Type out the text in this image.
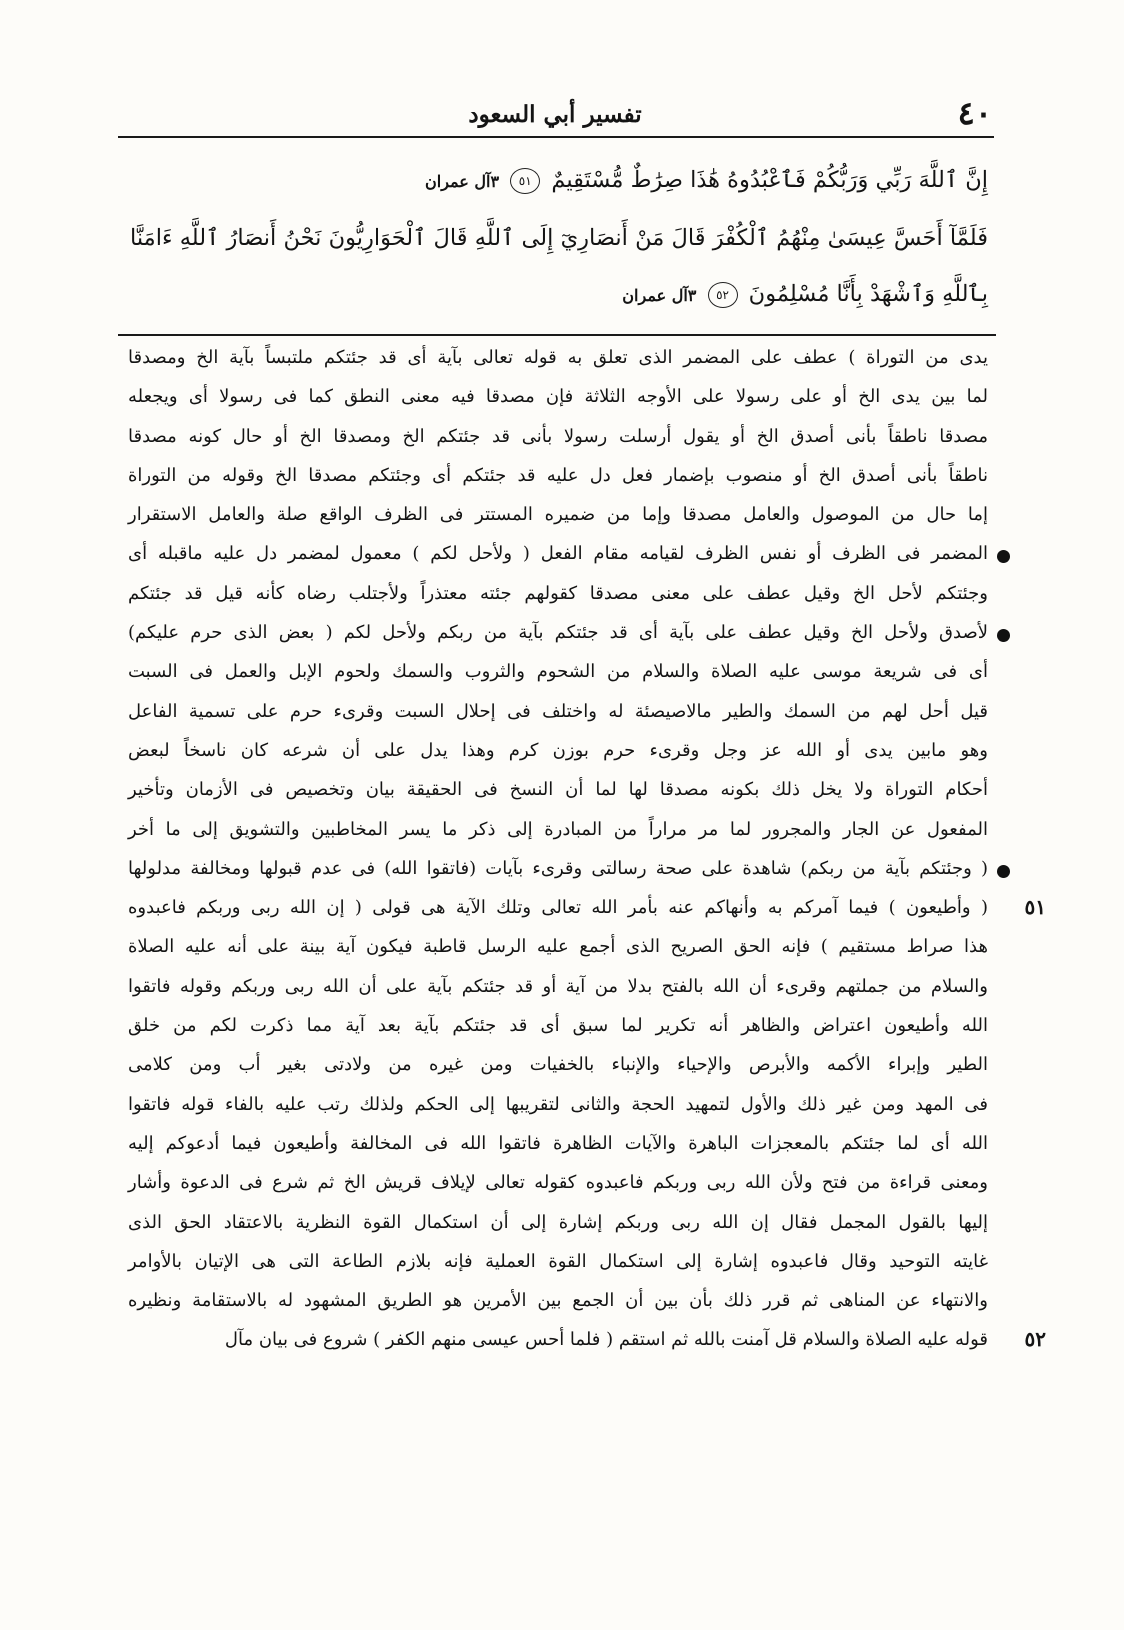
٤٠
تفسير أبي السعود
إِنَّ ٱللَّهَ رَبِّي وَرَبُّكُمْ فَٱعْبُدُوهُ هَٰذَا صِرَٰطٌ مُّسْتَقِيمٌ ٥١ ٣آل عمران
فَلَمَّآ أَحَسَّ عِيسَىٰ مِنْهُمُ ٱلْكُفْرَ قَالَ مَنْ أَنصَارِيٓ إِلَى ٱللَّهِ قَالَ ٱلْحَوَارِيُّونَ نَحْنُ أَنصَارُ ٱللَّهِ ءَامَنَّا
بِٱللَّهِ وَٱشْهَدْ بِأَنَّا مُسْلِمُونَ ٥٢ ٣آل عمران
يدى من التوراة ) عطف على المضمر الذى تعلق به قوله تعالى بآية أى قد جئتكم ملتبساً بآية الخ ومصدقا
لما بين يدى الخ أو على رسولا على الأوجه الثلاثة فإن مصدقا فيه معنى النطق كما فى رسولا أى ويجعله
مصدقا ناطقاً بأنى أصدق الخ أو يقول أرسلت رسولا بأنى قد جئتكم الخ ومصدقا الخ أو حال كونه مصدقا
ناطقاً بأنى أصدق الخ أو منصوب بإضمار فعل دل عليه قد جئتكم أى وجئتكم مصدقا الخ وقوله من التوراة
إما حال من الموصول والعامل مصدقا وإما من ضميره المستتر فى الظرف الواقع صلة والعامل الاستقرار
المضمر فى الظرف أو نفس الظرف لقيامه مقام الفعل ( ولأحل لكم ) معمول لمضمر دل عليه ماقبله أى
وجئتكم لأحل الخ وقيل عطف على معنى مصدقا كقولهم جئته معتذراً ولأجتلب رضاه كأنه قيل قد جئتكم
لأصدق ولأحل الخ وقيل عطف على بآية أى قد جئتكم بآية من ربكم ولأحل لكم ( بعض الذى حرم عليكم)
أى فى شريعة موسى عليه الصلاة والسلام من الشحوم والثروب والسمك ولحوم الإبل والعمل فى السبت
قيل أحل لهم من السمك والطير مالاصيصئة له واختلف فى إحلال السبت وقرىء حرم على تسمية الفاعل
وهو مابين يدى أو الله عز وجل وقرىء حرم بوزن كرم وهذا يدل على أن شرعه كان ناسخاً لبعض
أحكام التوراة ولا يخل ذلك بكونه مصدقا لها لما أن النسخ فى الحقيقة بيان وتخصيص فى الأزمان وتأخير
المفعول عن الجار والمجرور لما مر مراراً من المبادرة إلى ذكر ما يسر المخاطبين والتشويق إلى ما أخر
( وجئتكم بآية من ربكم) شاهدة على صحة رسالتى وقرىء بآيات (فاتقوا الله) فى عدم قبولها ومخالفة مدلولها
( وأطيعون ) فيما آمركم به وأنهاكم عنه بأمر الله تعالى وتلك الآية هى قولى ( إن الله ربى وربكم فاعبدوه ٥١
هذا صراط مستقيم ) فإنه الحق الصريح الذى أجمع عليه الرسل قاطبة فيكون آية بينة على أنه عليه الصلاة
والسلام من جملتهم وقرىء أن الله بالفتح بدلا من آية أو قد جئتكم بآية على أن الله ربى وربكم وقوله فاتقوا
الله وأطيعون اعتراض والظاهر أنه تكرير لما سبق أى قد جئتكم بآية بعد آية مما ذكرت لكم من خلق
الطير وإبراء الأكمه والأبرص والإحياء والإنباء بالخفيات ومن غيره من ولادتى بغير أب ومن كلامى
فى المهد ومن غير ذلك والأول لتمهيد الحجة والثانى لتقريبها إلى الحكم ولذلك رتب عليه بالفاء قوله فاتقوا
الله أى لما جئتكم بالمعجزات الباهرة والآيات الظاهرة فاتقوا الله فى المخالفة وأطيعون فيما أدعوكم إليه
ومعنى قراءة من فتح ولأن الله ربى وربكم فاعبدوه كقوله تعالى لإيلاف قريش الخ ثم شرع فى الدعوة وأشار
إليها بالقول المجمل فقال إن الله ربى وربكم إشارة إلى أن استكمال القوة النظرية بالاعتقاد الحق الذى
غايته التوحيد وقال فاعبدوه إشارة إلى استكمال القوة العملية فإنه بلازم الطاعة التى هى الإتيان بالأوامر
والانتهاء عن المناهى ثم قرر ذلك بأن بين أن الجمع بين الأمرين هو الطريق المشهود له بالاستقامة ونظيره
قوله عليه الصلاة والسلام قل آمنت بالله ثم استقم ( فلما أحس عيسى منهم الكفر ) شروع فى بيان مآل ٥٢
